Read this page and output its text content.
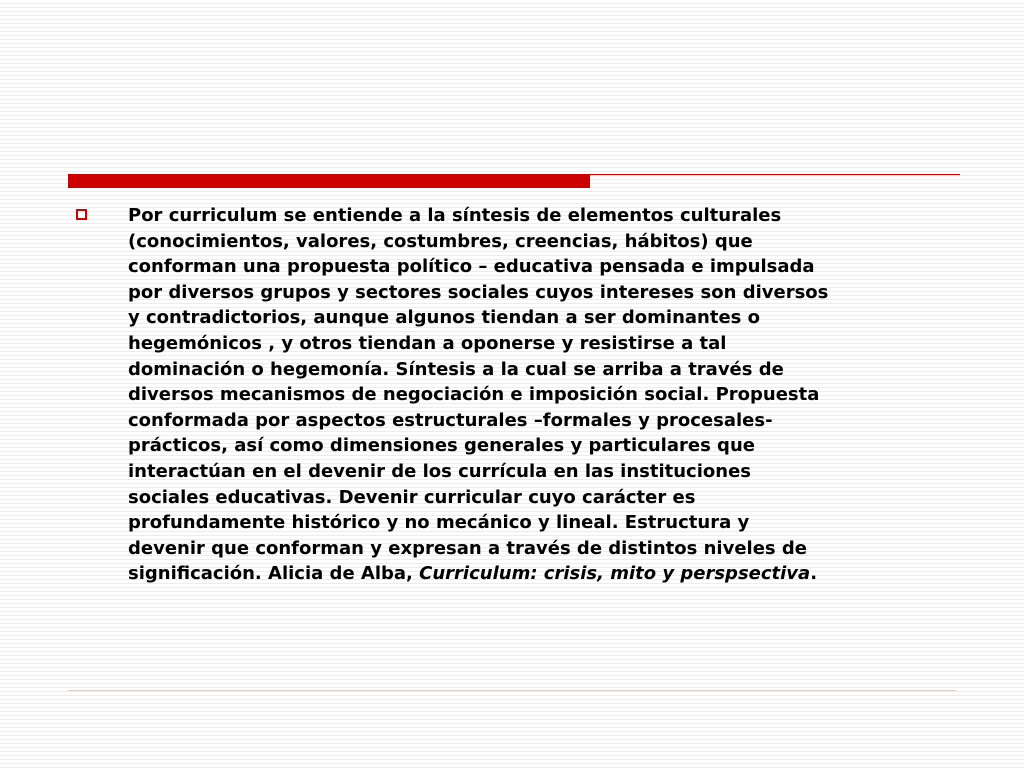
Por curriculum se entiende a la síntesis de elementos culturales
(conocimientos, valores, costumbres, creencias, hábitos) que
conforman una propuesta político – educativa pensada e impulsada
por diversos grupos y sectores sociales cuyos intereses son diversos
y contradictorios, aunque algunos tiendan a ser dominantes o
hegemónicos , y otros tiendan a oponerse y resistirse a tal
dominación o hegemonía. Síntesis a la cual se arriba a través de
diversos mecanismos de negociación e imposición social. Propuesta
conformada por aspectos estructurales –formales y procesales-
prácticos, así como dimensiones generales y particulares que
interactúan en el devenir de los currícula en las instituciones
sociales educativas. Devenir curricular cuyo carácter es
profundamente histórico y no mecánico y lineal. Estructura y
devenir que conforman y expresan a través de distintos niveles de
significación. Alicia de Alba, Curriculum: crisis, mito y perspsectiva.
